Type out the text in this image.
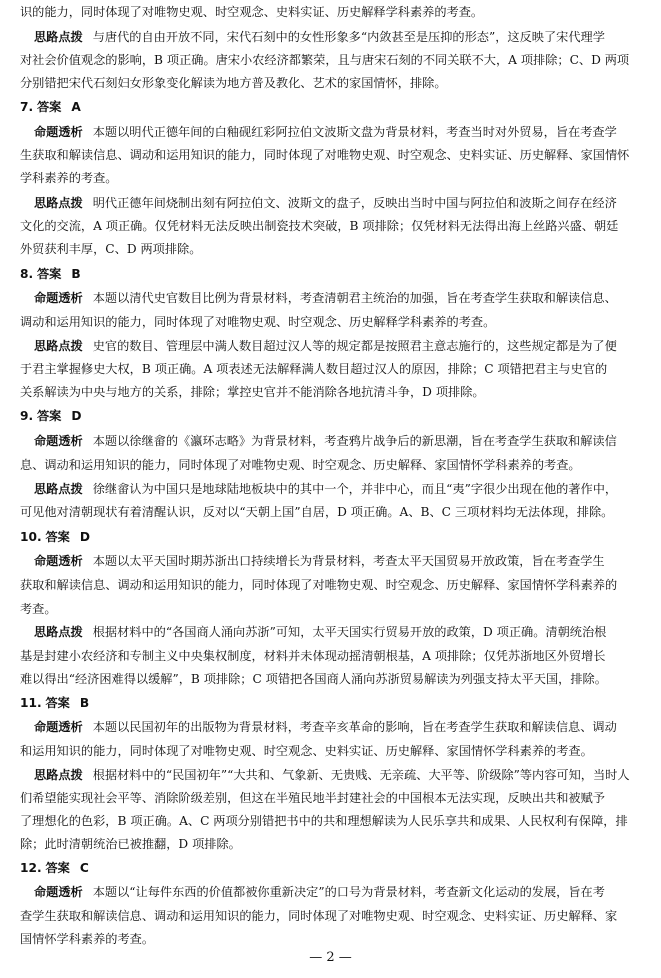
识的能力，同时体现了对唯物史观、时空观念、史料实证、历史解释学科素养的考查。
思路点拨 与唐代的自由开放不同，宋代石刻中的女性形象多“内敛甚至是压抑的形态”，这反映了宋代理学
对社会价值观念的影响，B 项正确。唐宋小农经济都繁荣，且与唐宋石刻的不同关联不大，A 项排除；C、D 两项
分别错把宋代石刻妇女形象变化解读为地方普及教化、艺术的家国情怀，排除。
7. 答案 A
命题透析 本题以明代正德年间的白釉砚红彩阿拉伯文波斯文盘为背景材料，考查当时对外贸易，旨在考查学
生获取和解读信息、调动和运用知识的能力，同时体现了对唯物史观、时空观念、史料实证、历史解释、家国情怀
学科素养的考查。
思路点拨 明代正德年间烧制出刻有阿拉伯文、波斯文的盘子，反映出当时中国与阿拉伯和波斯之间存在经济
文化的交流，A 项正确。仅凭材料无法反映出制瓷技术突破，B 项排除；仅凭材料无法得出海上丝路兴盛、朝廷
外贸获利丰厚，C、D 两项排除。
8. 答案 B
命题透析 本题以清代史官数目比例为背景材料，考查清朝君主统治的加强，旨在考查学生获取和解读信息、
调动和运用知识的能力，同时体现了对唯物史观、时空观念、历史解释学科素养的考查。
思路点拨 史官的数目、管理层中满人数目超过汉人等的规定都是按照君主意志施行的，这些规定都是为了便
于君主掌握修史大权，B 项正确。A 项表述无法解释满人数目超过汉人的原因，排除；C 项错把君主与史官的
关系解读为中央与地方的关系，排除；掌控史官并不能消除各地抗清斗争，D 项排除。
9. 答案 D
命题透析 本题以徐继畲的《瀛环志略》为背景材料，考查鸦片战争后的新思潮，旨在考查学生获取和解读信
息、调动和运用知识的能力，同时体现了对唯物史观、时空观念、历史解释、家国情怀学科素养的考查。
思路点拨 徐继畲认为中国只是地球陆地板块中的其中一个，并非中心，而且“夷”字很少出现在他的著作中，
可见他对清朝现状有着清醒认识，反对以“天朝上国”自居，D 项正确。A、B、C 三项材料均无法体现，排除。
10. 答案 D
命题透析 本题以太平天国时期苏浙出口持续增长为背景材料，考查太平天国贸易开放政策，旨在考查学生
获取和解读信息、调动和运用知识的能力，同时体现了对唯物史观、时空观念、历史解释、家国情怀学科素养的
考查。
思路点拨 根据材料中的“各国商人涌向苏浙”可知，太平天国实行贸易开放的政策，D 项正确。清朝统治根
基是封建小农经济和专制主义中央集权制度，材料并未体现动摇清朝根基，A 项排除；仅凭苏浙地区外贸增长
难以得出“经济困难得以缓解”，B 项排除；C 项错把各国商人涌向苏浙贸易解读为列强支持太平天国，排除。
11. 答案 B
命题透析 本题以民国初年的出版物为背景材料，考查辛亥革命的影响，旨在考查学生获取和解读信息、调动
和运用知识的能力，同时体现了对唯物史观、时空观念、史料实证、历史解释、家国情怀学科素养的考查。
思路点拨 根据材料中的“民国初年”“大共和、气象新、无贵贱、无亲疏、大平等、阶级除”等内容可知，当时人
们希望能实现社会平等、消除阶级差别，但这在半殖民地半封建社会的中国根本无法实现，反映出共和被赋予
了理想化的色彩，B 项正确。A、C 两项分别错把书中的共和理想解读为人民乐享共和成果、人民权利有保障，排
除；此时清朝统治已被推翻，D 项排除。
12. 答案 C
命题透析 本题以“让每件东西的价值都被你重新决定”的口号为背景材料，考查新文化运动的发展，旨在考
查学生获取和解读信息、调动和运用知识的能力，同时体现了对唯物史观、时空观念、史料实证、历史解释、家
国情怀学科素养的考查。
— 2 —
